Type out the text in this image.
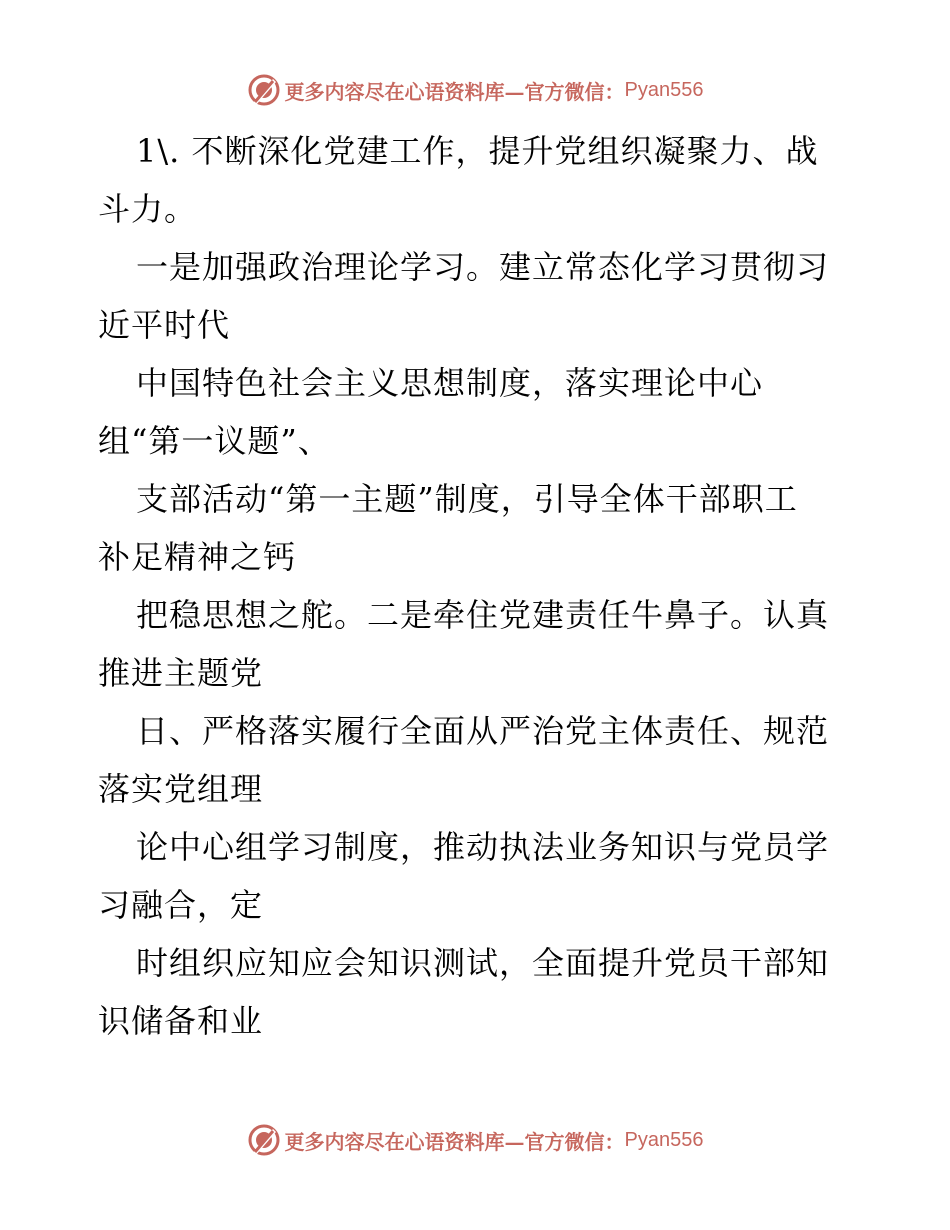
更多内容尽在心语资料库—官方微信： Pyan556

1\. 不断深化党建工作，提升党组织凝聚力、战

斗力。

一是加强政治理论学习。建立常态化学习贯彻习

近平时代

中国特色社会主义思想制度，落实理论中心

组“第一议题”、

支部活动“第一主题”制度，引导全体干部职工

补足精神之钙

把稳思想之舵。二是牵住党建责任牛鼻子。认真

推进主题党

日、严格落实履行全面从严治党主体责任、规范

落实党组理

论中心组学习制度，推动执法业务知识与党员学

习融合，定

时组织应知应会知识测试，全面提升党员干部知

识储备和业

更多内容尽在心语资料库—官方微信： Pyan556
